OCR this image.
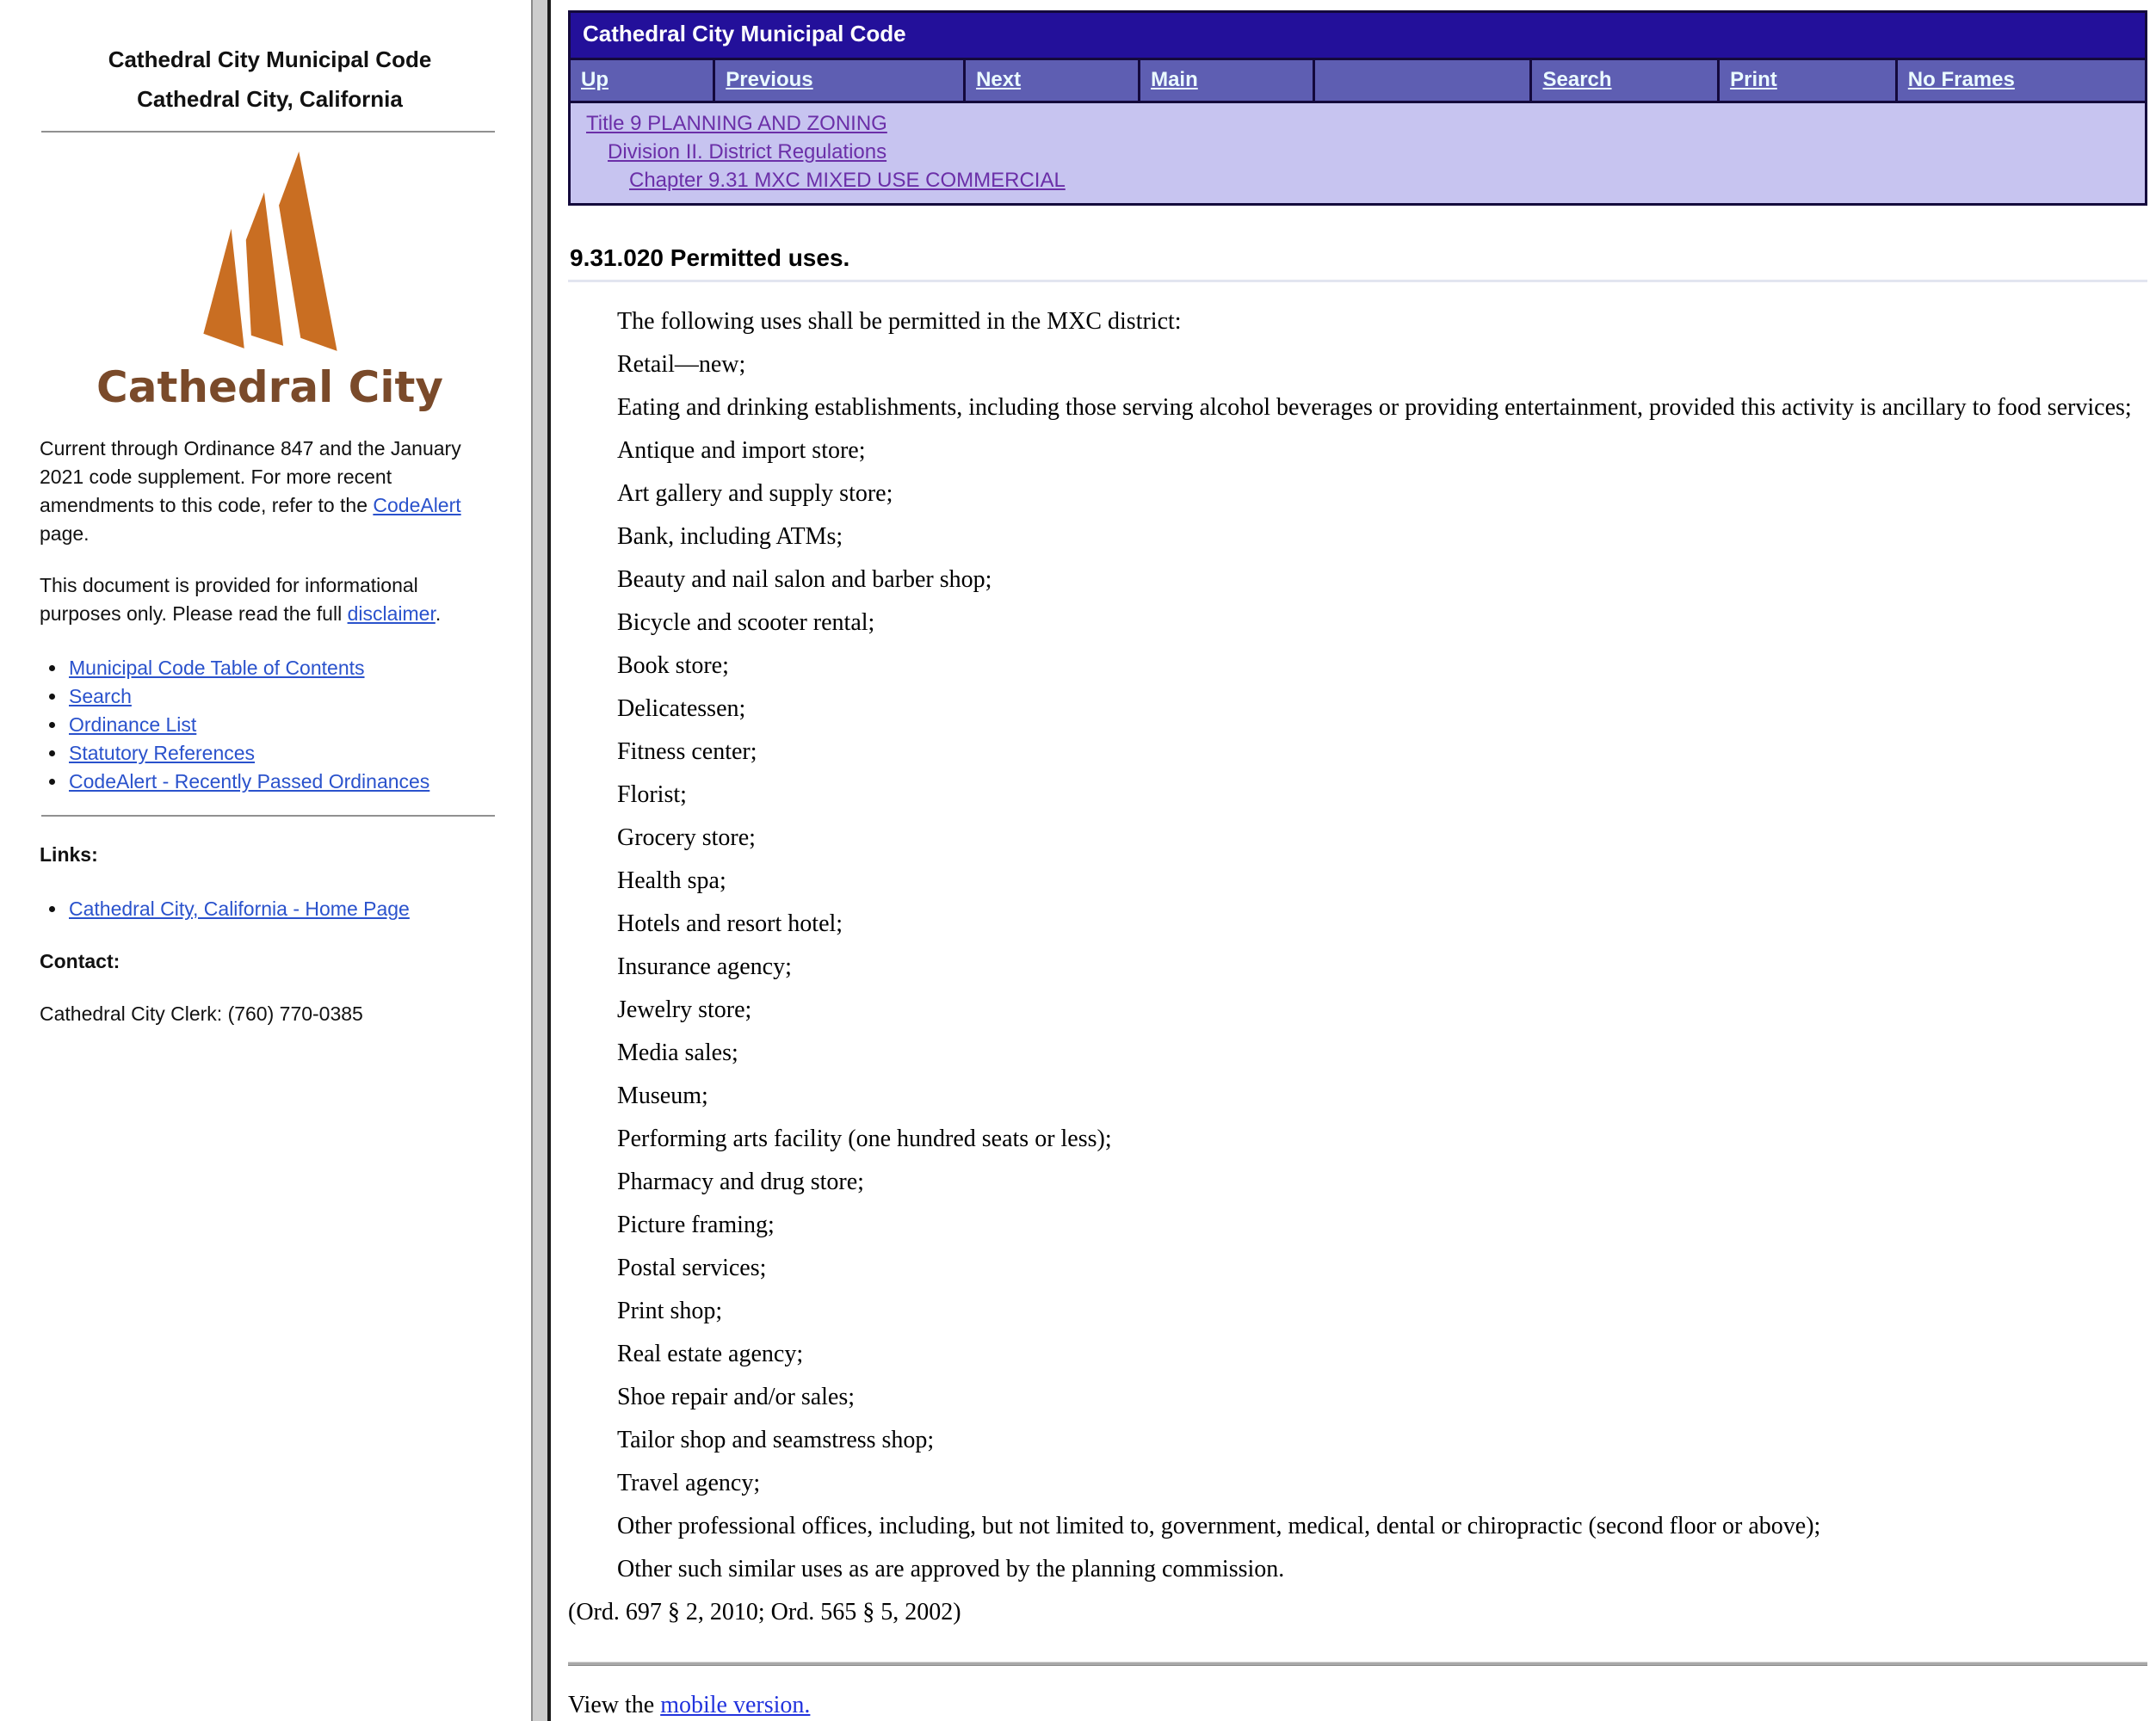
Cathedral City Municipal Code
Cathedral City, California
Cathedral City

Current through Ordinance 847 and the January 2021 code supplement. For more recent amendments to this code, refer to the CodeAlert page.

This document is provided for informational purposes only. Please read the full disclaimer.

• Municipal Code Table of Contents
• Search
• Ordinance List
• Statutory References
• CodeAlert - Recently Passed Ordinances
Links:
• Cathedral City, California - Home Page
Contact:

Cathedral City Clerk: (760) 770-0385

Cathedral City Municipal Code
Up	Previous	Next	Main	Search	Print	No Frames
Title 9 PLANNING AND ZONING
Division II. District Regulations
Chapter 9.31 MXC MIXED USE COMMERCIAL
9.31.020 Permitted uses.

The following uses shall be permitted in the MXC district:

Retail—new;

Eating and drinking establishments, including those serving alcohol beverages or providing entertainment, provided this activity is ancillary to food services;

Antique and import store;

Art gallery and supply store;

Bank, including ATMs;

Beauty and nail salon and barber shop;

Bicycle and scooter rental;

Book store;

Delicatessen;

Fitness center;

Florist;

Grocery store;

Health spa;

Hotels and resort hotel;

Insurance agency;

Jewelry store;

Media sales;

Museum;

Performing arts facility (one hundred seats or less);

Pharmacy and drug store;

Picture framing;

Postal services;

Print shop;

Real estate agency;

Shoe repair and/or sales;

Tailor shop and seamstress shop;

Travel agency;

Other professional offices, including, but not limited to, government, medical, dental or chiropractic (second floor or above);

Other such similar uses as are approved by the planning commission.

(Ord. 697 § 2, 2010; Ord. 565 § 5, 2002)

View the mobile version.
